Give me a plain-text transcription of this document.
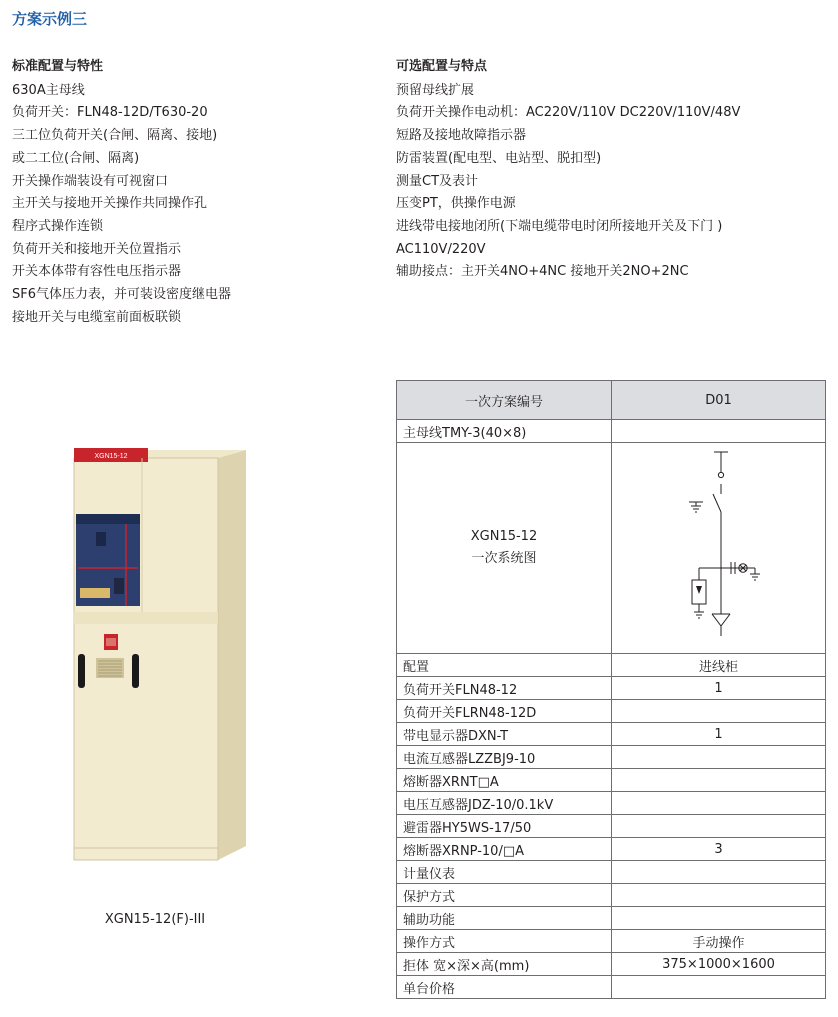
方案示例三
标准配置与特性
630A主母线
负荷开关：FLN48-12D/T630-20
三工位负荷开关(合闸、隔离、接地)
或二工位(合闸、隔离)
开关操作端装设有可视窗口
主开关与接地开关操作共同操作孔
程序式操作连锁
负荷开关和接地开关位置指示
开关本体带有容性电压指示器
SF6气体压力表，并可装设密度继电器
接地开关与电缆室前面板联锁
可选配置与特点
预留母线扩展
负荷开关操作电动机：AC220V/110V DC220V/110V/48V
短路及接地故障指示器
防雷装置(配电型、电站型、脱扣型)
测量CT及表计
压变PT，供操作电源
进线带电接地闭所(下端电缆带电时闭所接地开关及下门 )
AC110V/220V
辅助接点：主开关4NO+4NC 接地开关2NO+2NC
XGN15-12
XGN15-12(F)-III
一次方案编号	D01
主母线TMY-3(40×8)	

XGN15-12
一次系统图

配置	进线柜
负荷开关FLN48-12	1
负荷开关FLRN48-12D	
带电显示器DXN-T	1
电流互感器LZZBJ9-10	
熔断器XRNT□A	
电压互感器JDZ-10/0.1kV	
避雷器HY5WS-17/50	
熔断器XRNP-10/□A	3
计量仪表	
保护方式	
辅助功能	
操作方式	手动操作
拒体 宽×深×高(mm)	375×1000×1600
单台价格	
